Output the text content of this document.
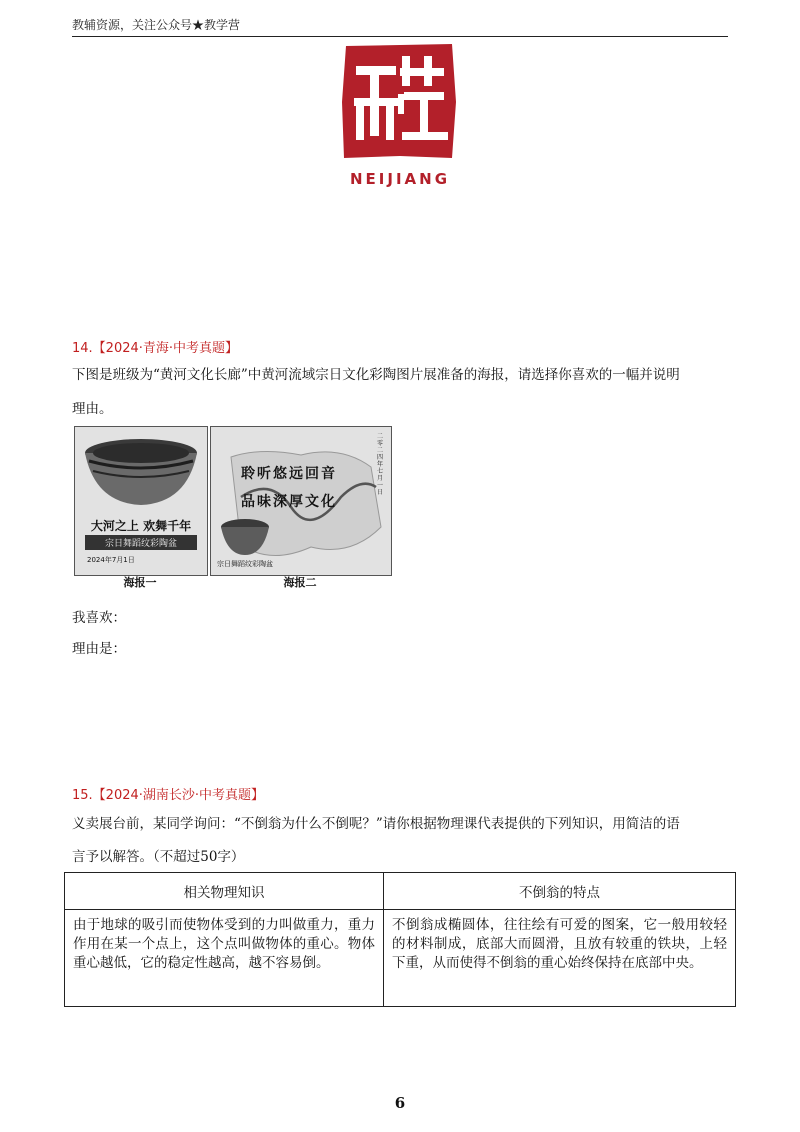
教辅资源，关注公众号★教学营
NEIJIANG
14.【2024·青海·中考真题】
下图是班级为“黄河文化长廊”中黄河流域宗日文化彩陶图片展准备的海报，请选择你喜欢的一幅并说明
理由。
大河之上 欢舞千年
宗日舞蹈纹彩陶盆
2024年7月1日
海报一
聆听悠远回音
品味深厚文化
宗日舞蹈纹彩陶盆
二零二四年七月一日
海报二
我喜欢：
理由是：
15.【2024·湖南长沙·中考真题】
义卖展台前，某同学询问：“不倒翁为什么不倒呢？”请你根据物理课代表提供的下列知识，用简洁的语
言予以解答。（不超过50字）
相关物理知识	不倒翁的特点
由于地球的吸引而使物体受到的力叫做重力，重力作用在某一个点上，这个点叫做物体的重心。物体重心越低，它的稳定性越高，越不容易倒。	不倒翁成椭圆体，往往绘有可爱的图案，它一般用较轻的材料制成，底部大而圆滑，且放有较重的铁块，上轻下重，从而使得不倒翁的重心始终保持在底部中央。
6
